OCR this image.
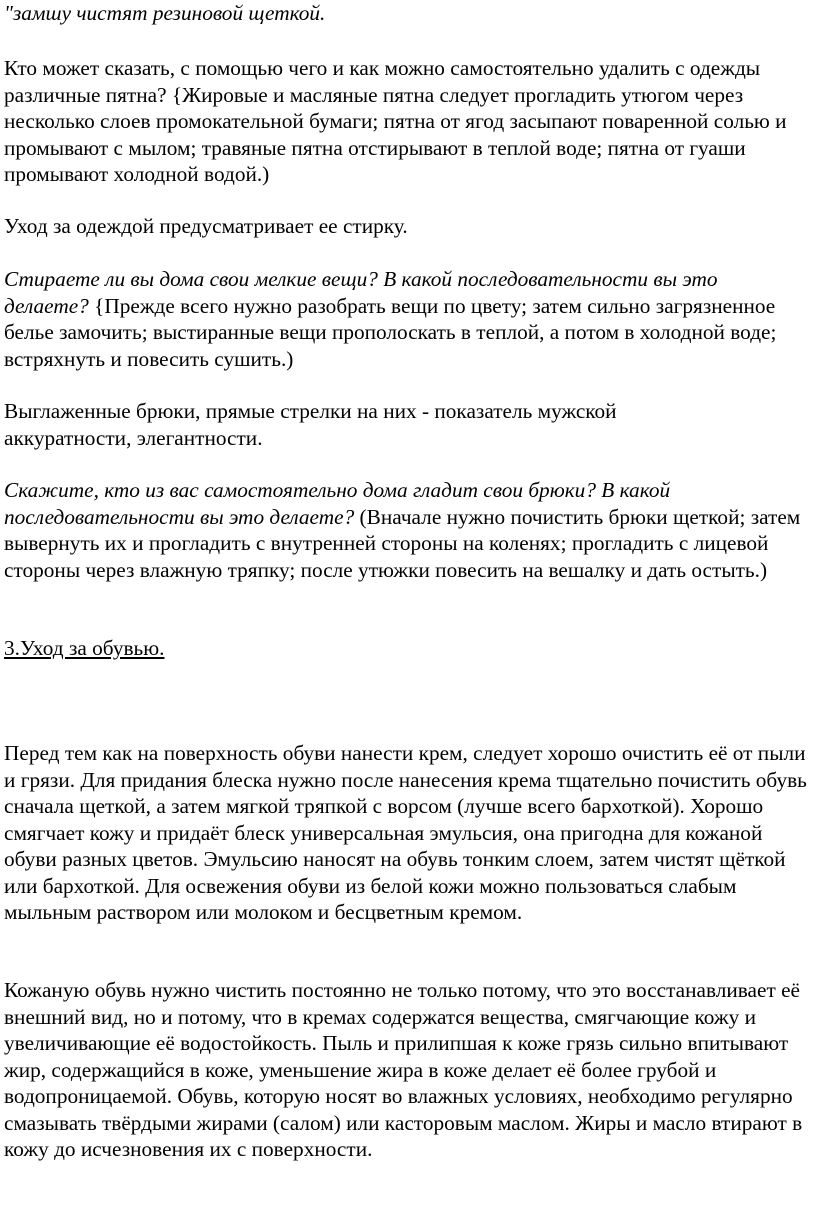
"замшу чистят резиновой щеткой.

Кто может сказать, с помощью чего и как можно самостоятельно удалить с одежды различные пятна? {Жировые и масляные пятна следует прогладить утюгом через несколько слоев промокательной бумаги; пятна от ягод засыпают поваренной солью и промывают с мылом; травяные пятна отстирывают в теплой воде; пятна от гуаши промывают холодной водой.)

Уход за одеждой предусматривает ее стирку.

Стираете ли вы дома свои мелкие вещи? В какой последовательности вы это делаете? {Прежде всего нужно разобрать вещи по цвету; затем сильно загрязненное белье замочить; выстиранные вещи прополоскать в теплой, а потом в холодной воде; встряхнуть и повесить сушить.)

Выглаженные брюки, прямые стрелки на них - показатель мужской аккуратности, элегантности.

Скажите, кто из вас самостоятельно дома гладит свои брюки? В какой последовательности вы это делаете? (Вначале нужно почистить брюки щеткой; затем вывернуть их и прогладить с внутренней стороны на коленях; прогладить с лицевой стороны через влажную тряпку; после утюжки повесить на вешалку и дать остыть.)

3.Уход за обувью.

Перед тем как на поверхность обуви нанести крем, следует хорошо очистить её от пыли и грязи. Для придания блеска нужно после нанесения крема тщательно почистить обувь сначала щеткой, а затем мягкой тряпкой с ворсом (лучше всего бархоткой). Хорошо смягчает кожу и придаёт блеск универсальная эмульсия, она пригодна для кожаной обуви разных цветов. Эмульсию наносят на обувь тонким слоем, затем чистят щёткой или бархоткой. Для освежения обуви из белой кожи можно пользоваться слабым мыльным раствором или молоком и бесцветным кремом.

Кожаную обувь нужно чистить постоянно не только потому, что это восстанавливает её внешний вид, но и потому, что в кремах содержатся вещества, смягчающие кожу и увеличивающие её водостойкость. Пыль и прилипшая к коже грязь сильно впитывают жир, содержащийся в коже, уменьшение жира в коже делает её более грубой и водопроницаемой. Обувь, которую носят во влажных условиях, необходимо регулярно смазывать твёрдыми жирами (салом) или касторовым маслом. Жиры и масло втирают в кожу до исчезновения их с поверхности.
